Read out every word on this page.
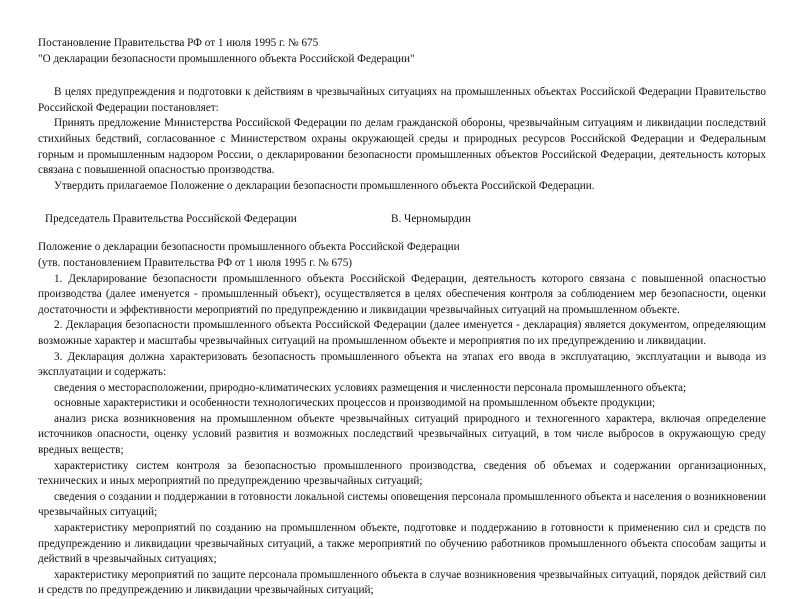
Постановление Правительства РФ от 1 июля 1995 г. № 675
"О декларации безопасности промышленного объекта Российской Федерации"

В целях предупреждения и подготовки к действиям в чрезвычайных ситуациях на промышленных объектах Российской Федерации Правительство Российской Федерации постановляет:

Принять предложение Министерства Российской Федерации по делам гражданской обороны, чрезвычайным ситуациям и ликвидации последствий стихийных бедствий, согласованное с Министерством охраны окружающей среды и природных ресурсов Российской Федерации и Федеральным горным и промышленным надзором России, о декларировании безопасности промышленных объектов Российской Федерации, деятельность которых связана с повышенной опасностью производства.

Утвердить прилагаемое Положение о декларации безопасности промышленного объекта Российской Федерации.

Председатель Правительства Российской Федерации	В. Черномырдин
Положение о декларации безопасности промышленного объекта Российской Федерации
(утв. постановлением Правительства РФ от 1 июля 1995 г. № 675)

1. Декларирование безопасности промышленного объекта Российской Федерации, деятельность которого связана с повышенной опасностью производства (далее именуется - промышленный объект), осуществляется в целях обеспечения контроля за соблюдением мер безопасности, оценки достаточности и эффективности мероприятий по предупреждению и ликвидации чрезвычайных ситуаций на промышленном объекте.

2. Декларация безопасности промышленного объекта Российской Федерации (далее именуется - декларация) является документом, определяющим возможные характер и масштабы чрезвычайных ситуаций на промышленном объекте и мероприятия по их предупреждению и ликвидации.

3. Декларация должна характеризовать безопасность промышленного объекта на этапах его ввода в эксплуатацию, эксплуатации и вывода из эксплуатации и содержать:

сведения о месторасположении, природно-климатических условиях размещения и численности персонала промышленного объекта;

основные характеристики и особенности технологических процессов и производимой на промышленном объекте продукции;

анализ риска возникновения на промышленном объекте чрезвычайных ситуаций природного и техногенного характера, включая определение источников опасности, оценку условий развития и возможных последствий чрезвычайных ситуаций, в том числе выбросов в окружающую среду вредных веществ;

характеристику систем контроля за безопасностью промышленного производства, сведения об объемах и содержании организационных, технических и иных мероприятий по предупреждению чрезвычайных ситуаций;

сведения о создании и поддержании в готовности локальной системы оповещения персонала промышленного объекта и населения о возникновении чрезвычайных ситуаций;

характеристику мероприятий по созданию на промышленном объекте, подготовке и поддержанию в готовности к применению сил и средств по предупреждению и ликвидации чрезвычайных ситуаций, а также мероприятий по обучению работников промышленного объекта способам защиты и действий в чрезвычайных ситуациях;

характеристику мероприятий по защите персонала промышленного объекта в случае возникновения чрезвычайных ситуаций, порядок действий сил и средств по предупреждению и ликвидации чрезвычайных ситуаций;
